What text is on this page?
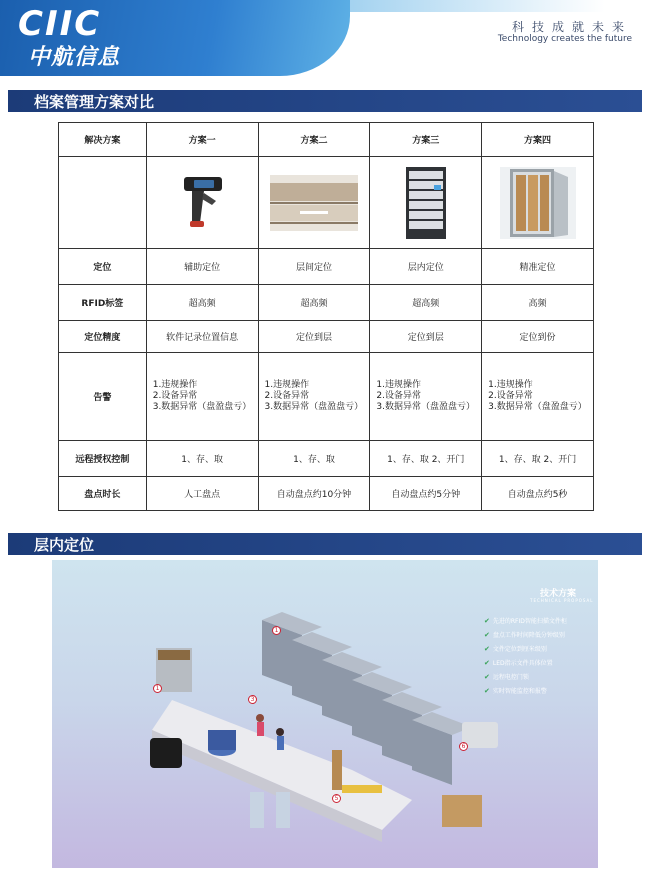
CIIC
中航信息
科技成就未来
Technology creates the future
档案管理方案对比
解决方案	方案一	方案二	方案三	方案四

定位	辅助定位	层间定位	层内定位	精准定位
RFID标签	超高频	超高频	超高频	高频
定位精度	软件记录位置信息	定位到层	定位到层	定位到份
告警	1.违规操作
2.设备异常
3.数据异常（盘盈盘亏）	1.违规操作
2.设备异常
3.数据异常（盘盈盘亏）	1.违规操作
2.设备异常
3.数据异常（盘盈盘亏）	1.违规操作
2.设备异常
3.数据异常（盘盈盘亏）

远程授权控制	1、存、取	1、存、取	1、存、取 2、开门	1、存、取 2、开门
盘点时长	人工盘点	自动盘点约10分钟	自动盘点约5分钟	自动盘点约5秒
层内定位
1
3
1
5
6
技术方案
TECHNICAL PROPOSAL
✔ 先进的RFID智能扫描文件柜
✔ 盘点工作时间降低分钟级别
✔ 文件定位到厘米级别
✔ LED指示文件具体位置
✔ 远程电控门锁
✔ 实时智能监控和报警
